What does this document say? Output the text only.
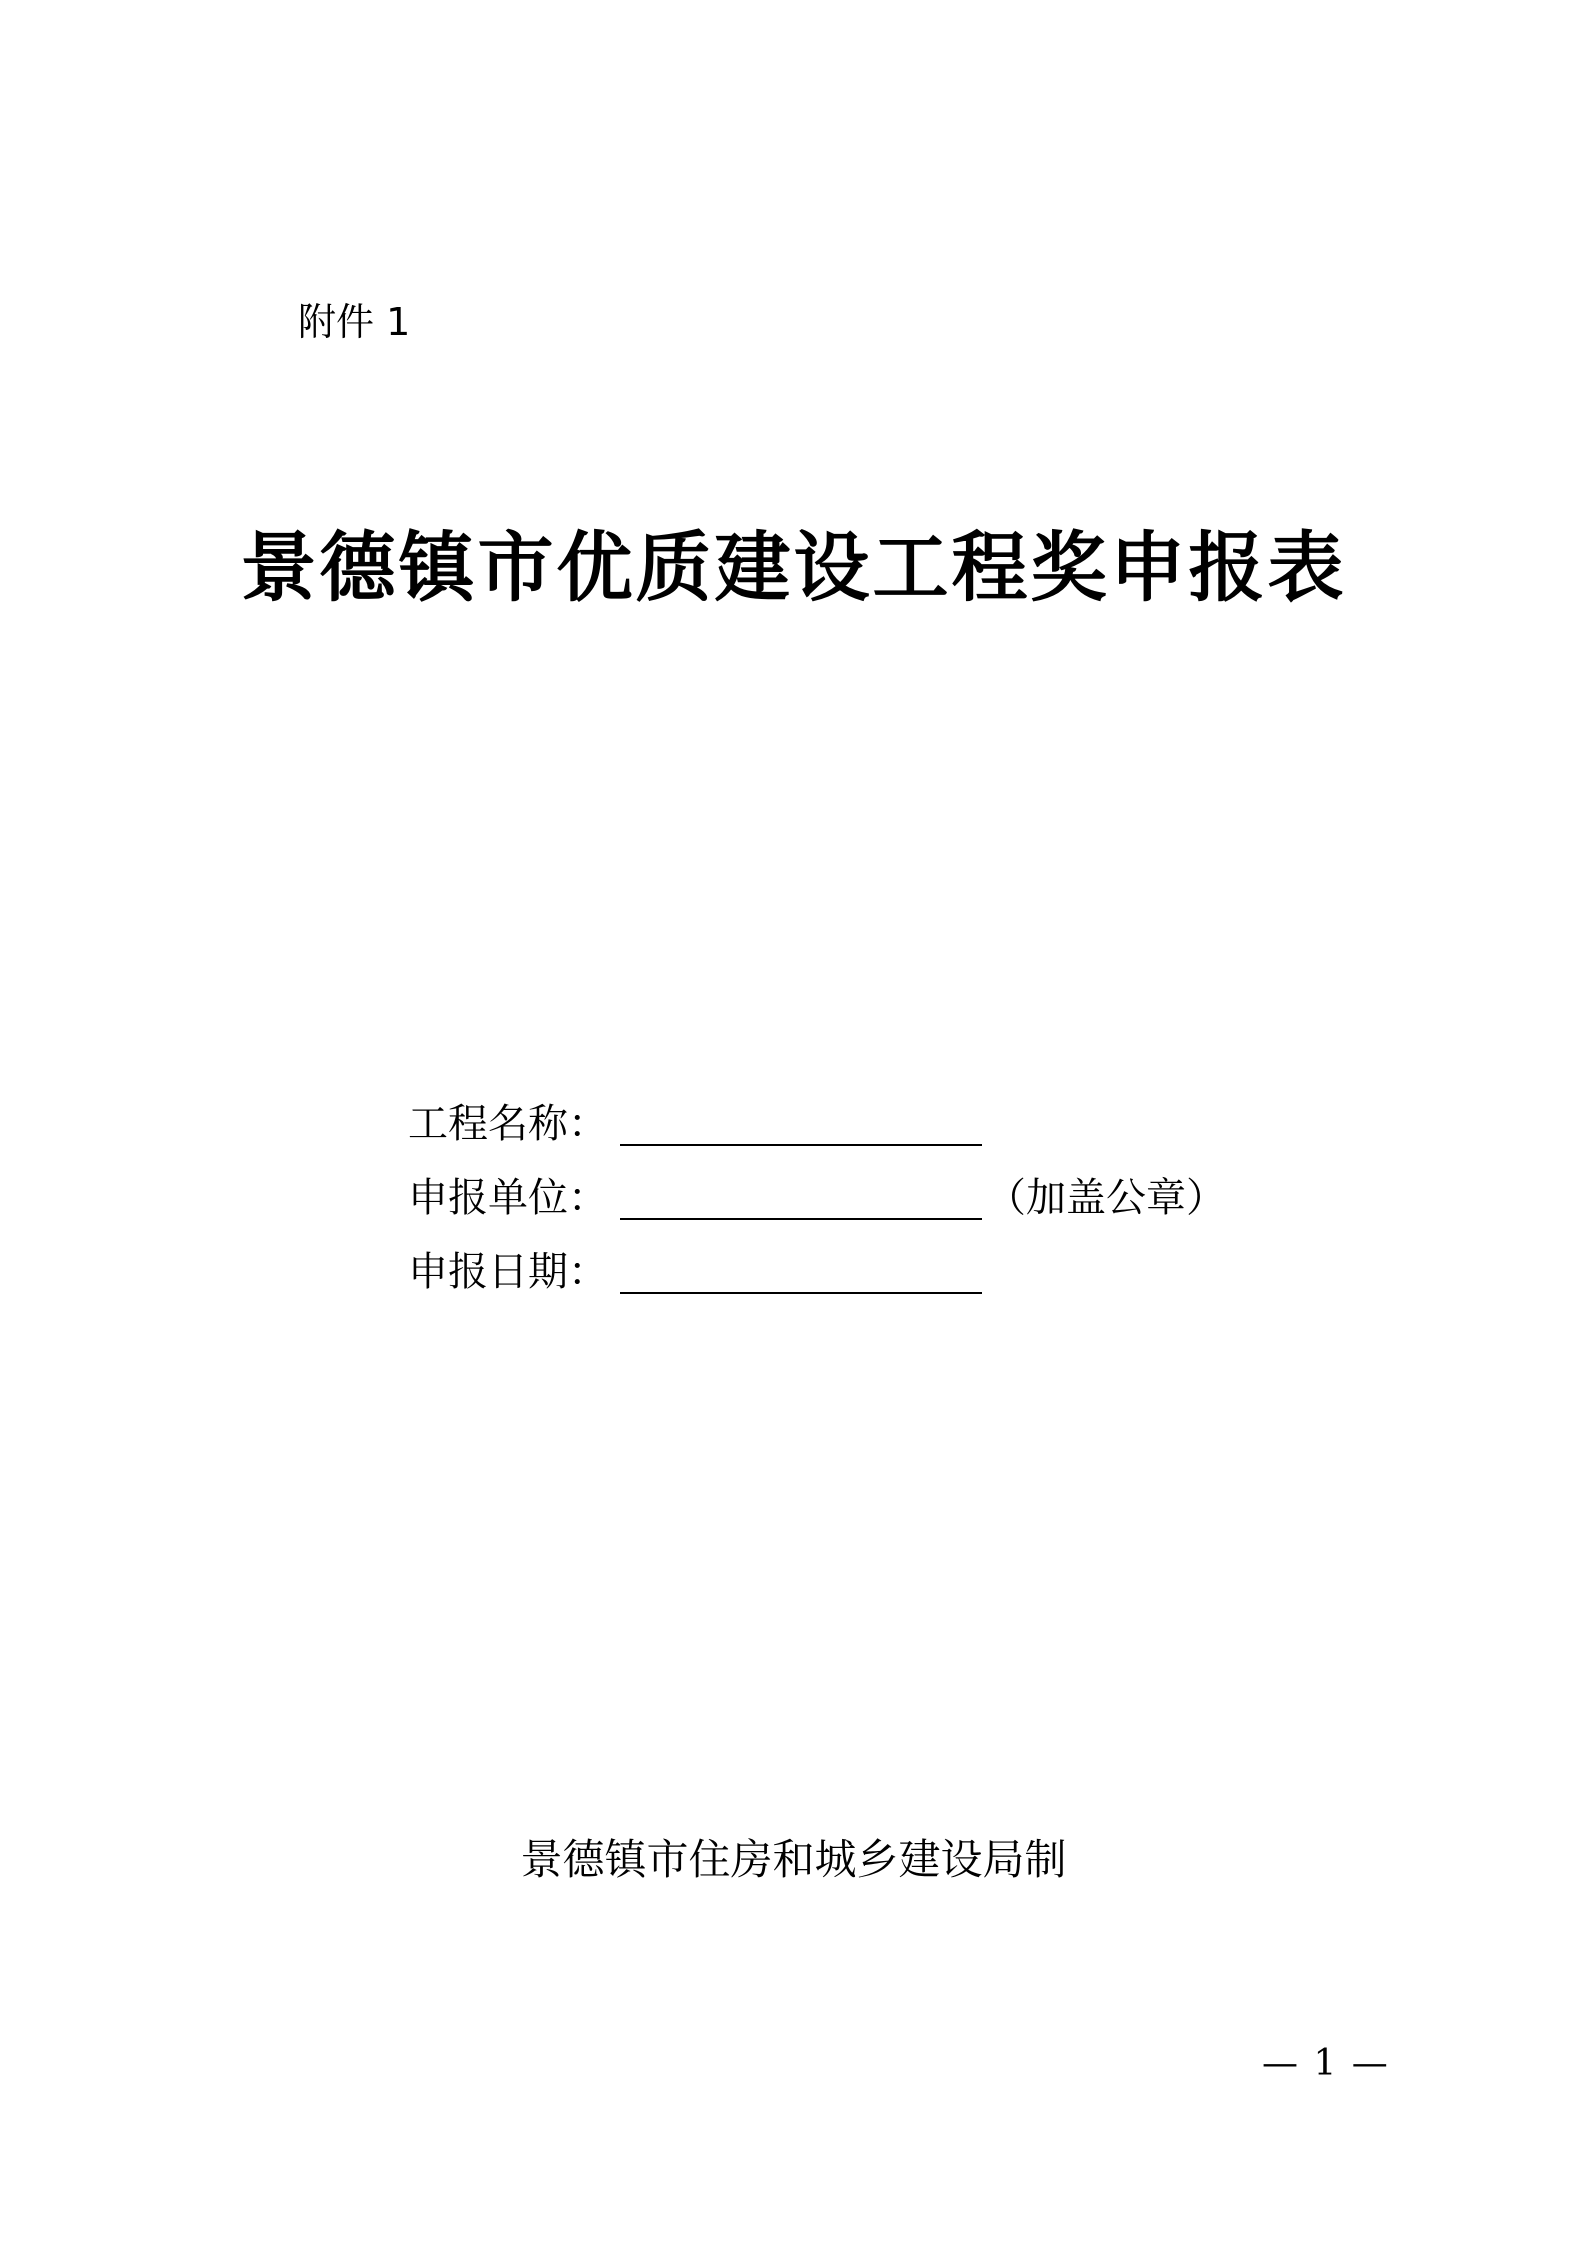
附件 1
景德镇市优质建设工程奖申报表
工程名称：
申报单位：	（加盖公章）
申报日期：
景德镇市住房和城乡建设局制
— 1 —
